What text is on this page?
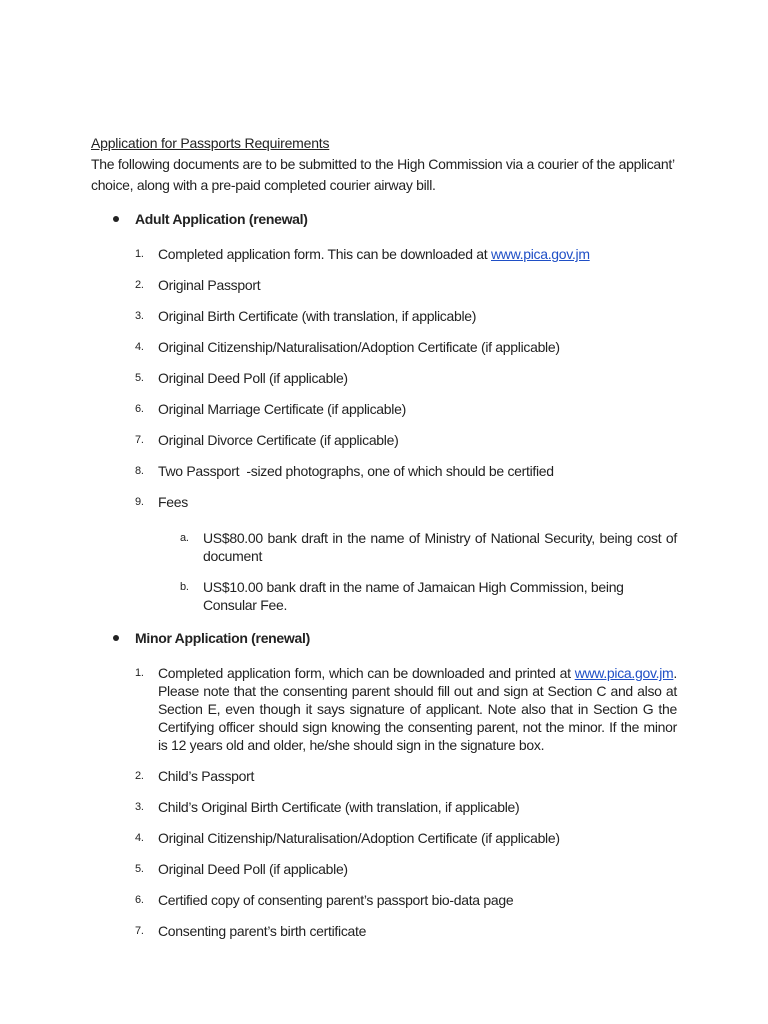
Application for Passports Requirements

The following documents are to be submitted to the High Commission via a courier of the applicant’ choice, along with a pre-paid completed courier airway bill.

Adult Application (renewal)
1.	Completed application form. This can be downloaded at www.pica.gov.jm
2.	Original Passport
3.	Original Birth Certificate (with translation, if applicable)
4.	Original Citizenship/Naturalisation/Adoption Certificate (if applicable)
5.	Original Deed Poll (if applicable)
6.	Original Marriage Certificate (if applicable)
7.	Original Divorce Certificate (if applicable)
8.	Two Passport  -sized photographs, one of which should be certified
9.	Fees
a.	US$80.00 bank draft in the name of Ministry of National Security, being cost of document
b.	US$10.00 bank draft in the name of Jamaican High Commission, being Consular Fee.
Minor Application (renewal)
1.	Completed application form, which can be downloaded and printed at www.pica.gov.jm. Please note that the consenting parent should fill out and sign at Section C and also at Section E, even though it says signature of applicant. Note also that in Section G the Certifying officer should sign knowing the consenting parent, not the minor. If the minor is 12 years old and older, he/she should sign in the signature box.
2.	Child’s Passport
3.	Child’s Original Birth Certificate (with translation, if applicable)
4.	Original Citizenship/Naturalisation/Adoption Certificate (if applicable)
5.	Original Deed Poll (if applicable)
6.	Certified copy of consenting parent’s passport bio-data page
7.	Consenting parent’s birth certificate
